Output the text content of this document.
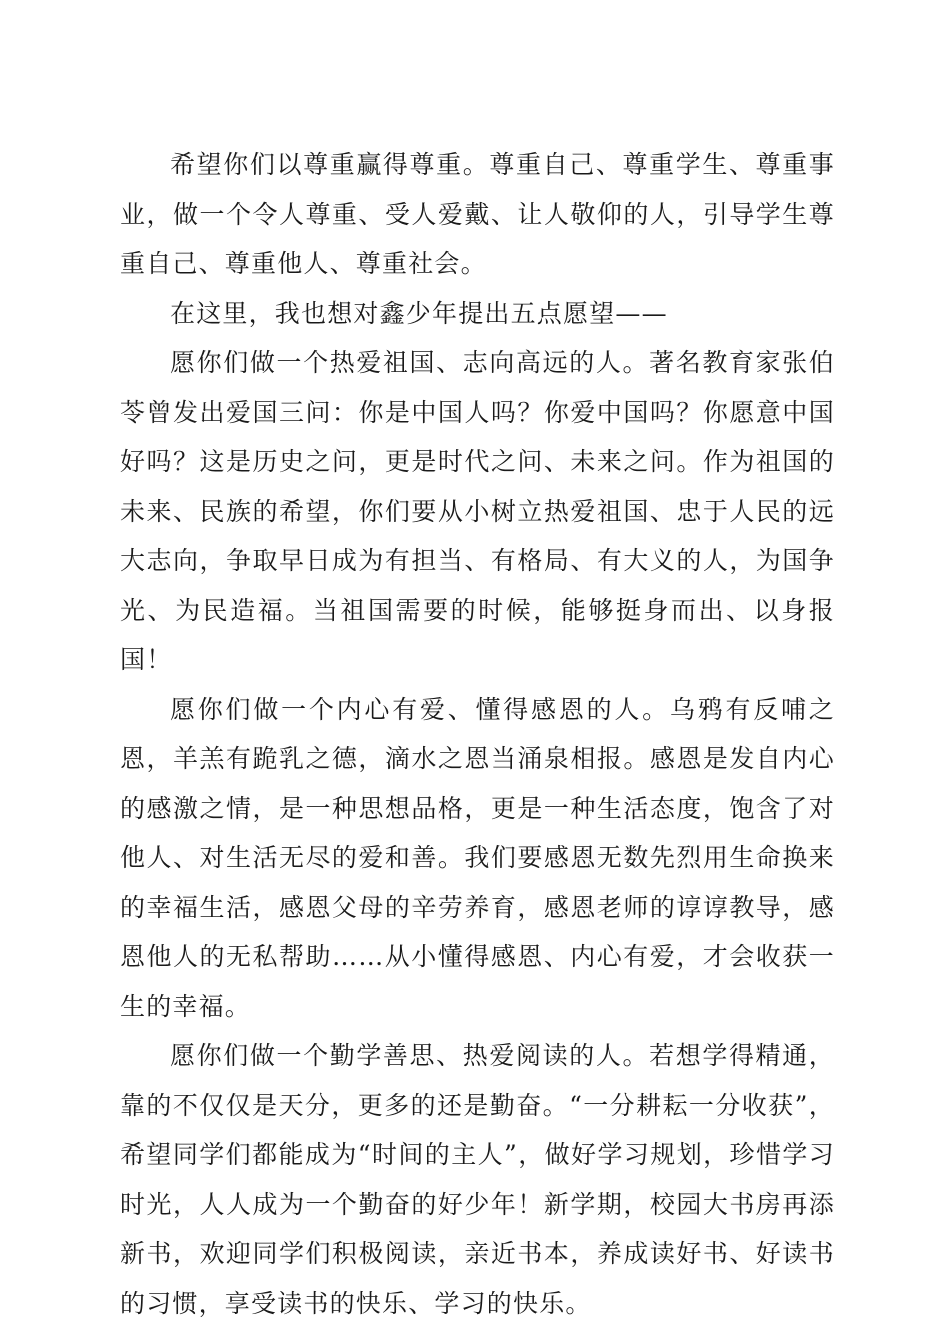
希望你们以尊重赢得尊重。尊重自己、尊重学生、尊重事业，做一个令人尊重、受人爱戴、让人敬仰的人，引导学生尊重自己、尊重他人、尊重社会。

在这里，我也想对鑫少年提出五点愿望——

愿你们做一个热爱祖国、志向高远的人。著名教育家张伯苓曾发出爱国三问：你是中国人吗？你爱中国吗？你愿意中国好吗？这是历史之问，更是时代之问、未来之问。作为祖国的未来、民族的希望，你们要从小树立热爱祖国、忠于人民的远大志向，争取早日成为有担当、有格局、有大义的人，为国争光、为民造福。当祖国需要的时候，能够挺身而出、以身报国！

愿你们做一个内心有爱、懂得感恩的人。乌鸦有反哺之恩，羊羔有跪乳之德，滴水之恩当涌泉相报。感恩是发自内心的感激之情，是一种思想品格，更是一种生活态度，饱含了对他人、对生活无尽的爱和善。我们要感恩无数先烈用生命换来的幸福生活，感恩父母的辛劳养育，感恩老师的谆谆教导，感恩他人的无私帮助……从小懂得感恩、内心有爱，才会收获一生的幸福。

愿你们做一个勤学善思、热爱阅读的人。若想学得精通，靠的不仅仅是天分，更多的还是勤奋。“一分耕耘一分收获”，希望同学们都能成为“时间的主人”，做好学习规划，珍惜学习时光，人人成为一个勤奋的好少年！新学期，校园大书房再添新书，欢迎同学们积极阅读，亲近书本，养成读好书、好读书的习惯，享受读书的快乐、学习的快乐。
